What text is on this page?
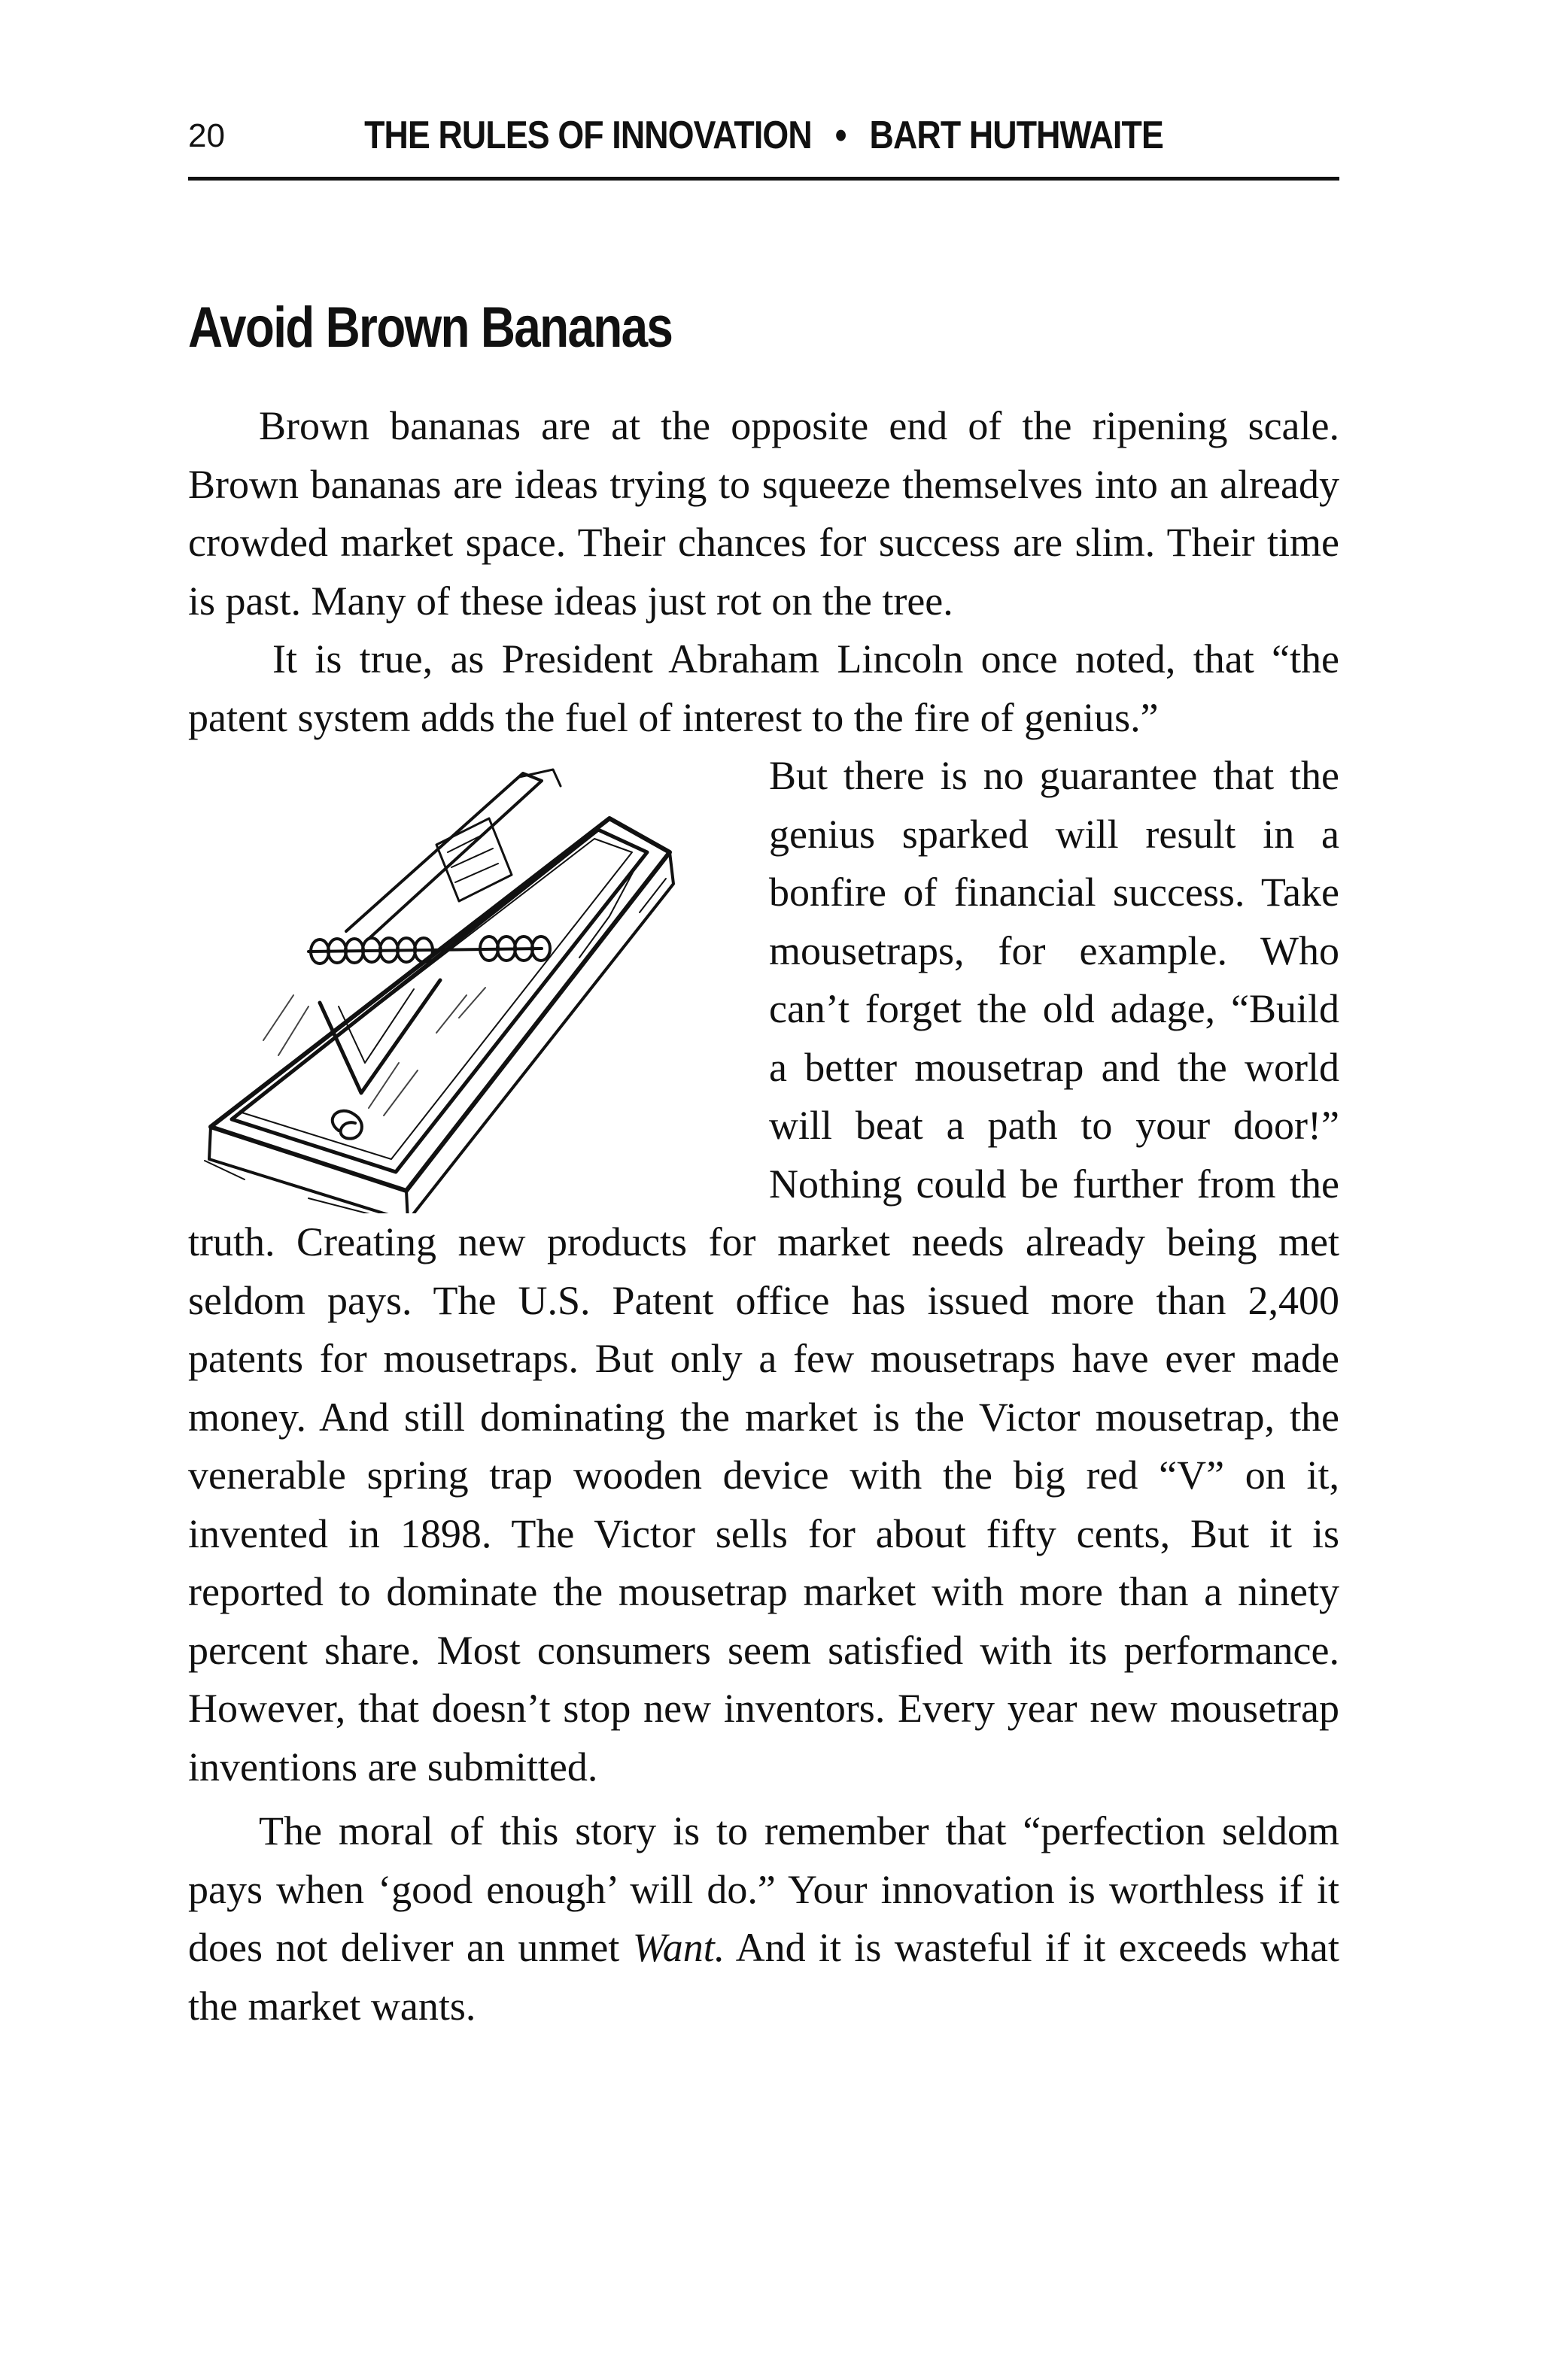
20	THE RULES OF INNOVATION • BART HUTHWAITE
Avoid Brown Bananas

Brown bananas are at the opposite end of the ripening scale. Brown bananas are ideas trying to squeeze themselves into an already crowded market space. Their chances for success are slim. Their time is past. Many of these ideas just rot on the tree.

It is true, as President Abraham Lincoln once noted, that “the patent system adds the fuel of interest to the fire of genius.”

But there is no guarantee that the genius sparked will result in a bonfire of financial success. Take mousetraps, for example. Who can’t forget the old adage, “Build a better mousetrap and the world will beat a path to your door!” Nothing could be further from the truth. Creating new products for market needs already being met seldom pays. The U.S. Patent office has issued more than 2,400 patents for mousetraps. But only a few mousetraps have ever made money. And still dominating the market is the Victor mousetrap, the venerable spring trap wooden device with the big red “V” on it, invented in 1898. The Victor sells for about fifty cents, But it is reported to dominate the mousetrap market with more than a ninety percent share. Most consumers seem satisfied with its performance. However, that doesn’t stop new inventors. Every year new mousetrap inventions are submitted.

The moral of this story is to remember that “perfection seldom pays when ‘good enough’ will do.” Your innovation is worthless if it does not deliver an unmet Want. And it is wasteful if it exceeds what the market wants.
